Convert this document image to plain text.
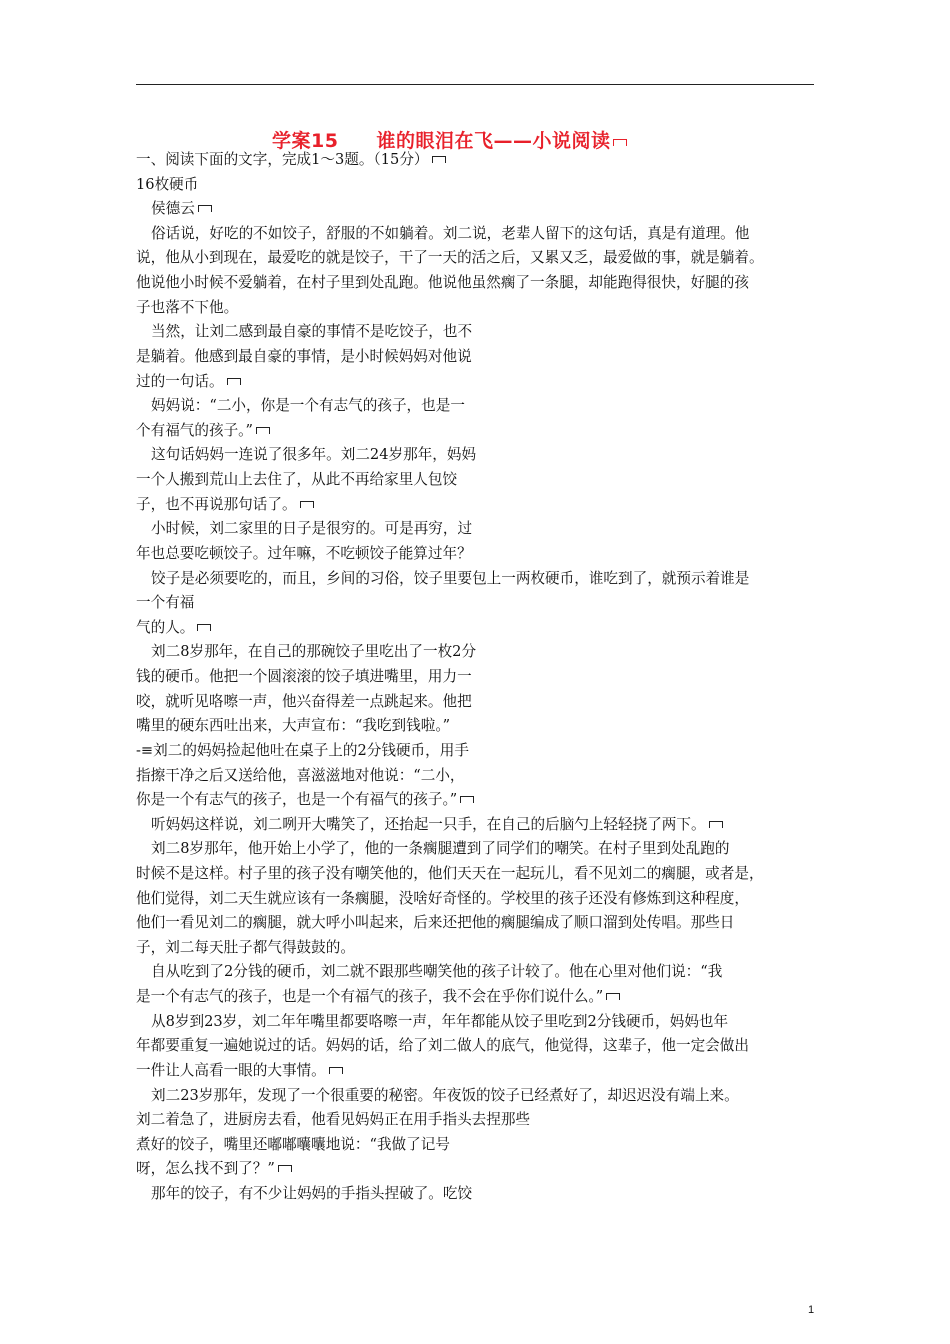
学案15 谁的眼泪在飞——小说阅读
一、阅读下面的文字，完成1～3题。（15分）
16枚硬币
侯德云
俗话说，好吃的不如饺子，舒服的不如躺着。刘二说，老辈人留下的这句话，真是有道理。他
说，他从小到现在，最爱吃的就是饺子，干了一天的活之后，又累又乏，最爱做的事，就是躺着。
他说他小时候不爱躺着，在村子里到处乱跑。他说他虽然瘸了一条腿，却能跑得很快，好腿的孩
子也落不下他。
当然，让刘二感到最自豪的事情不是吃饺子，也不
是躺着。他感到最自豪的事情，是小时候妈妈对他说
过的一句话。
妈妈说：“二小，你是一个有志气的孩子，也是一
个有福气的孩子。”
这句话妈妈一连说了很多年。刘二24岁那年，妈妈
一个人搬到荒山上去住了，从此不再给家里人包饺
子，也不再说那句话了。
小时候，刘二家里的日子是很穷的。可是再穷，过
年也总要吃顿饺子。过年嘛，不吃顿饺子能算过年？
饺子是必须要吃的，而且，乡间的习俗，饺子里要包上一两枚硬币，谁吃到了，就预示着谁是
一个有福
气的人。
刘二8岁那年，在自己的那碗饺子里吃出了一枚2分
钱的硬币。他把一个圆滚滚的饺子填进嘴里，用力一
咬，就听见咯嚓一声，他兴奋得差一点跳起来。他把
嘴里的硬东西吐出来，大声宣布：“我吃到钱啦。”
-≡刘二的妈妈捡起他吐在桌子上的2分钱硬币，用手
指擦干净之后又送给他，喜滋滋地对他说：“二小，
你是一个有志气的孩子，也是一个有福气的孩子。”
听妈妈这样说，刘二咧开大嘴笑了，还抬起一只手，在自己的后脑勺上轻轻挠了两下。
刘二8岁那年，他开始上小学了，他的一条瘸腿遭到了同学们的嘲笑。在村子里到处乱跑的
时候不是这样。村子里的孩子没有嘲笑他的，他们天天在一起玩儿，看不见刘二的瘸腿，或者是，
他们觉得，刘二天生就应该有一条瘸腿，没啥好奇怪的。学校里的孩子还没有修炼到这种程度，
他们一看见刘二的瘸腿，就大呼小叫起来，后来还把他的瘸腿编成了顺口溜到处传唱。那些日
子，刘二每天肚子都气得鼓鼓的。
自从吃到了2分钱的硬币，刘二就不跟那些嘲笑他的孩子计较了。他在心里对他们说：“我
是一个有志气的孩子，也是一个有福气的孩子，我不会在乎你们说什么。”
从8岁到23岁，刘二年年嘴里都要咯嚓一声，年年都能从饺子里吃到2分钱硬币，妈妈也年
年都要重复一遍她说过的话。妈妈的话，给了刘二做人的底气，他觉得，这辈子，他一定会做出
一件让人高看一眼的大事情。
刘二23岁那年，发现了一个很重要的秘密。年夜饭的饺子已经煮好了，却迟迟没有端上来。
刘二着急了，进厨房去看，他看见妈妈正在用手指头去捏那些
煮好的饺子，嘴里还嘟嘟囔囔地说：“我做了记号
呀，怎么找不到了？”
那年的饺子，有不少让妈妈的手指头捏破了。吃饺
1
